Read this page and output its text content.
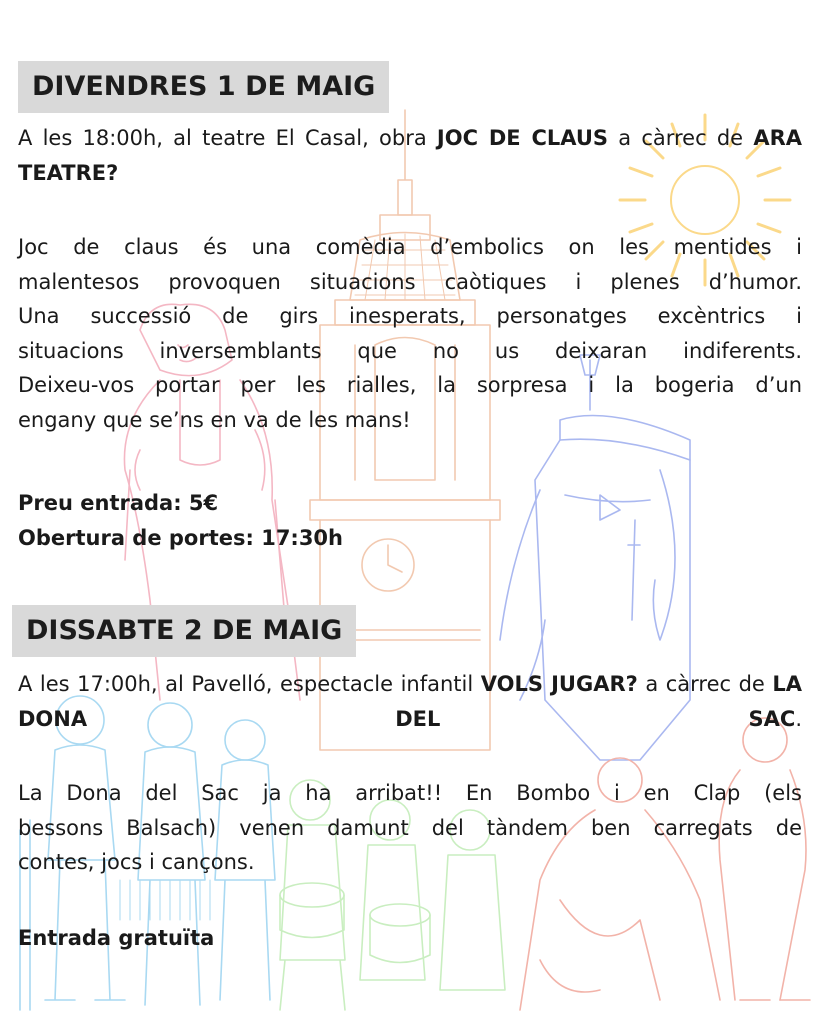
DIVENDRES 1 DE MAIG

A les 18:00h, al teatre El Casal, obra JOC DE CLAUS a càrrec de ARA TEATRE?

Joc de claus és una comèdia d’embolics on les mentides i
malentesos provoquen situacions caòtiques i plenes d’humor.
Una successió de girs inesperats, personatges excèntrics i
situacions inversemblants que no us deixaran indiferents.
Deixeu-vos portar per les rialles, la sorpresa i la bogeria d’un
engany que se’ns en va de les mans!

Preu entrada: 5€

Obertura de portes: 17:30h

DISSABTE 2 DE MAIG

A les 17:00h, al Pavelló, espectacle infantil VOLS JUGAR? a càrrec de LA DONA DEL SAC.

La Dona del Sac ja ha arribat!! En Bombo i en Clap (els
bessons Balsach) venen damunt del tàndem ben carregats de
contes, jocs i cançons.

Entrada gratuïta
